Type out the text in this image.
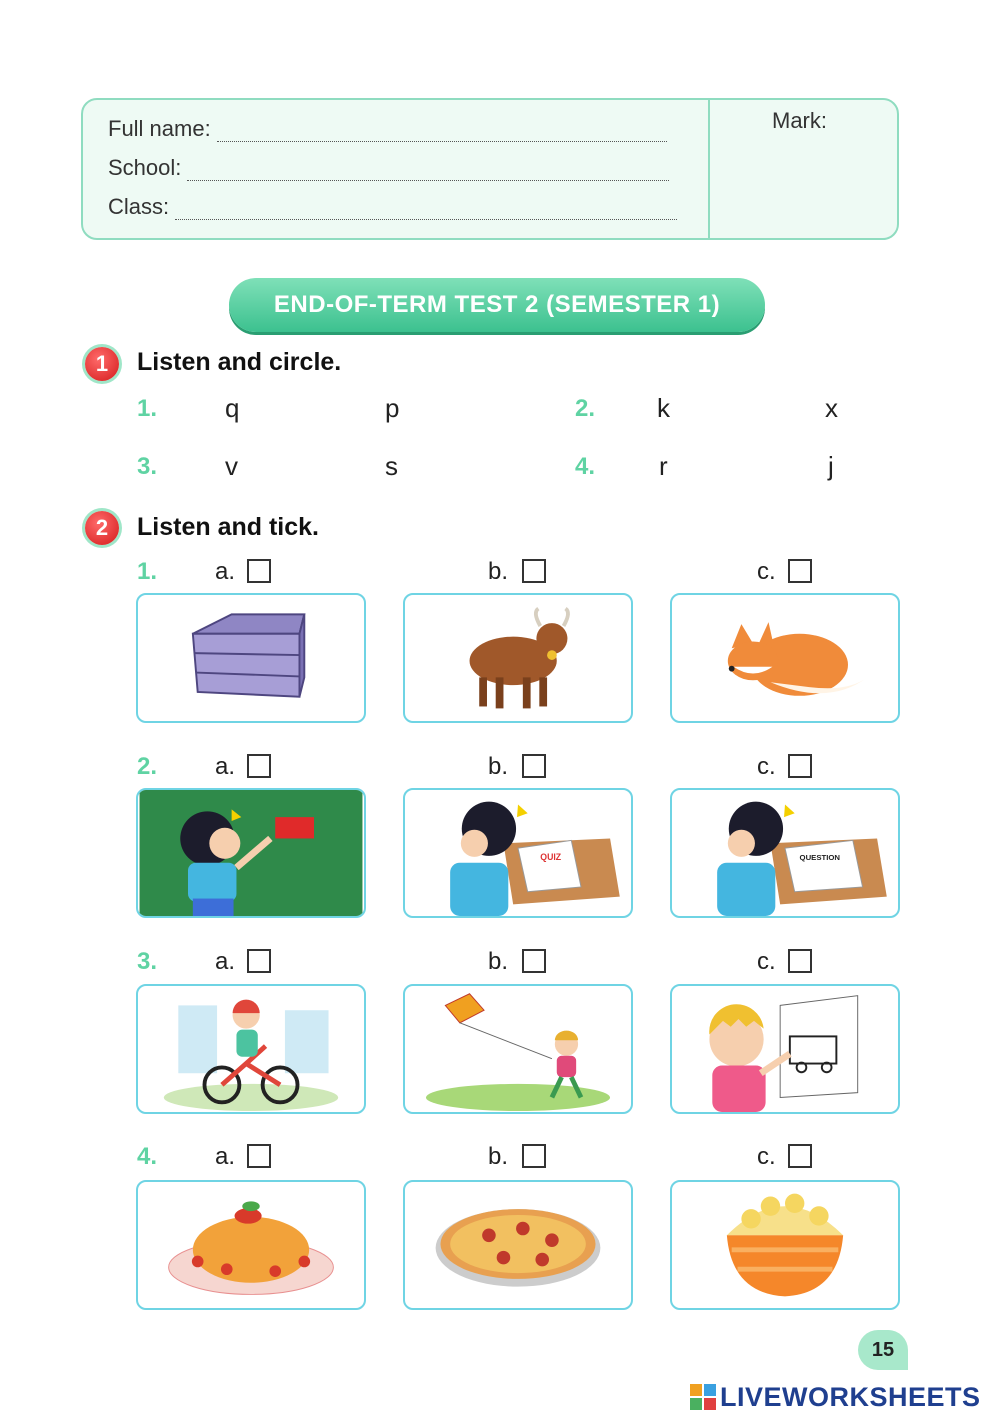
Full name:
School:
Class:
Mark:
END-OF-TERM TEST 2 (SEMESTER 1)
1	Listen and circle.
1.	q	p	2. k	x
3.	v	s	4. r	j
2	Listen and tick.
1. a.	b.	c.
2. a.	b.	c.
QUIZ	QUESTION
3. a.	b.	c.
4. a.	b.	c.
15
LIVEWORKSHEETS
